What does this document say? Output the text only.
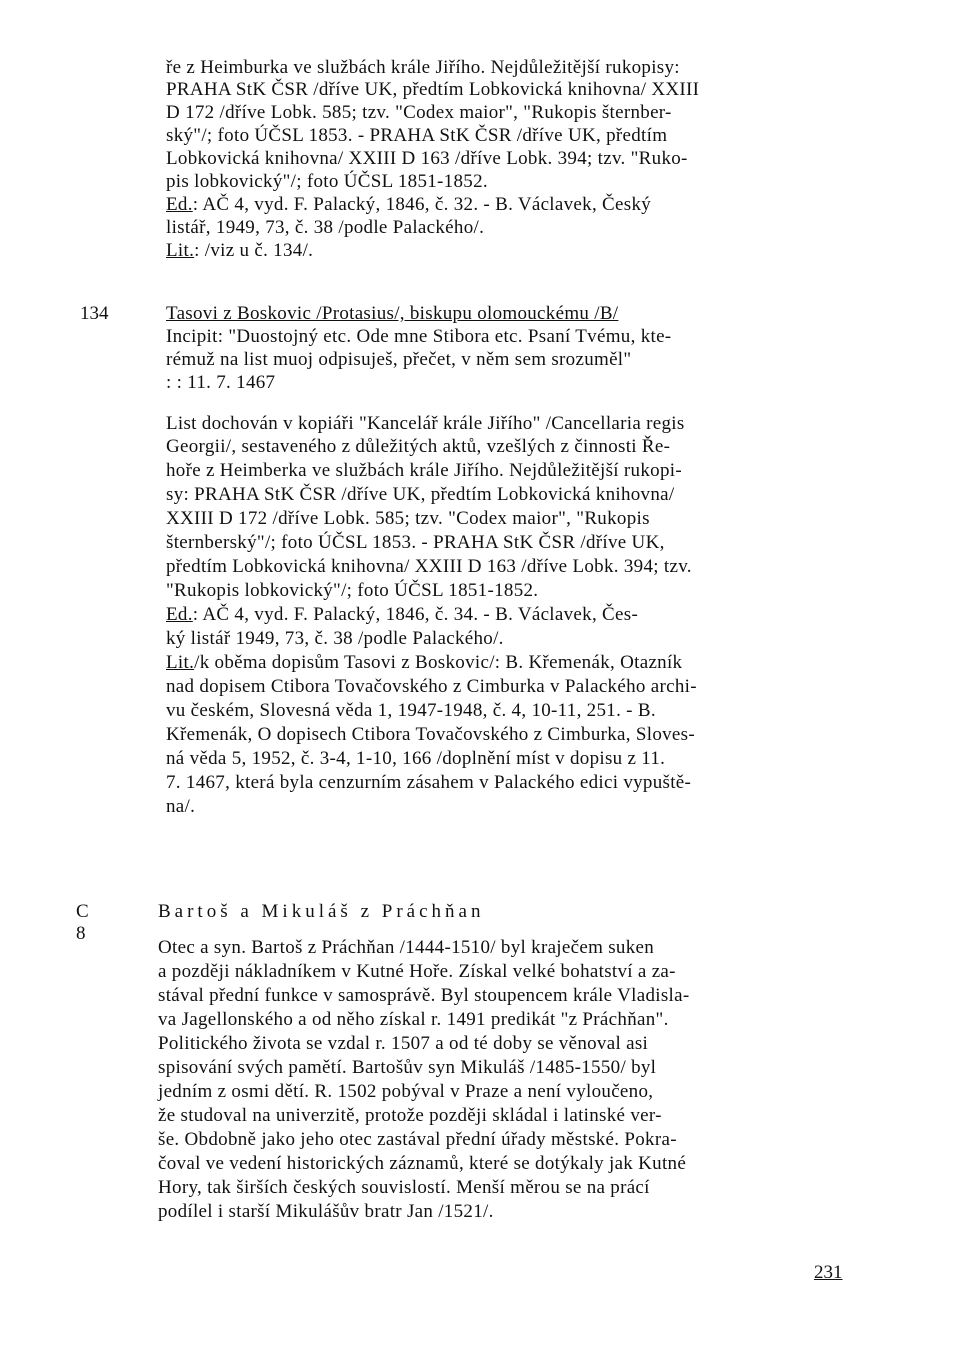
ře z Heimburka ve službách krále Jiřího. Nejdůležitější rukopisy:
PRAHA StK ČSR /dříve UK, předtím Lobkovická knihovna/ XXIII
D 172 /dříve Lobk. 585; tzv. "Codex maior", "Rukopis šternber-
ský"/; foto ÚČSL 1853. - PRAHA StK ČSR /dříve UK, předtím
Lobkovická knihovna/ XXIII D 163 /dříve Lobk. 394; tzv. "Ruko-
pis lobkovický"/; foto ÚČSL 1851-1852.
Ed.: AČ 4, vyd. F. Palacký, 1846, č. 32. - B. Václavek, Český
listář, 1949, 73, č. 38 /podle Palackého/.
Lit.: /viz u č. 134/.
134	Tasovi z Boskovic /Protasius/, biskupu olomouckému /B/
Incipit: "Duostojný etc. Ode mne Stibora etc. Psaní Tvému, kte-
rémuž na list muoj odpisuješ, přečet, v něm sem srozuměl"
: : 11. 7. 1467
List dochován v kopiáři "Kancelář krále Jiřího" /Cancellaria regis
Georgii/, sestaveného z důležitých aktů, vzešlých z činnosti Ře-
hoře z Heimberka ve službách krále Jiřího. Nejdůležitější rukopi-
sy: PRAHA StK ČSR /dříve UK, předtím Lobkovická knihovna/
XXIII D 172 /dříve Lobk. 585; tzv. "Codex maior", "Rukopis
šternberský"/; foto ÚČSL 1853. - PRAHA StK ČSR /dříve UK,
předtím Lobkovická knihovna/ XXIII D 163 /dříve Lobk. 394; tzv.
"Rukopis lobkovický"/; foto ÚČSL 1851-1852.
Ed.: AČ 4, vyd. F. Palacký, 1846, č. 34. - B. Václavek, Čes-
ký listář 1949, 73, č. 38 /podle Palackého/.
Lit./k oběma dopisům Tasovi z Boskovic/: B. Křemenák, Otazník
nad dopisem Ctibora Tovačovského z Cimburka v Palackého archi-
vu českém, Slovesná věda 1, 1947-1948, č. 4, 10-11, 251. - B.
Křemenák, O dopisech Ctibora Tovačovského z Cimburka, Sloves-
ná věda 5, 1952, č. 3-4, 1-10, 166 /doplnění míst v dopisu z 11.
7. 1467, která byla cenzurním zásahem v Palackého edici vypuště-
na/.
C 8
Bartoš a Mikuláš z Práchňan
Otec a syn. Bartoš z Práchňan /1444-1510/ byl kraječem suken
a později nákladníkem v Kutné Hoře. Získal velké bohatství a za-
stával přední funkce v samosprávě. Byl stoupencem krále Vladisla-
va Jagellonského a od něho získal r. 1491 predikát "z Práchňan".
Politického života se vzdal r. 1507 a od té doby se věnoval asi
spisování svých pamětí. Bartošův syn Mikuláš /1485-1550/ byl
jedním z osmi dětí. R. 1502 pobýval v Praze a není vyloučeno,
že studoval na univerzitě, protože později skládal i latinské ver-
še. Obdobně jako jeho otec zastával přední úřady městské. Pokra-
čoval ve vedení historických záznamů, které se dotýkaly jak Kutné
Hory, tak širších českých souvislostí. Menší měrou se na prácí
podílel i starší Mikulášův bratr Jan /1521/.
231
